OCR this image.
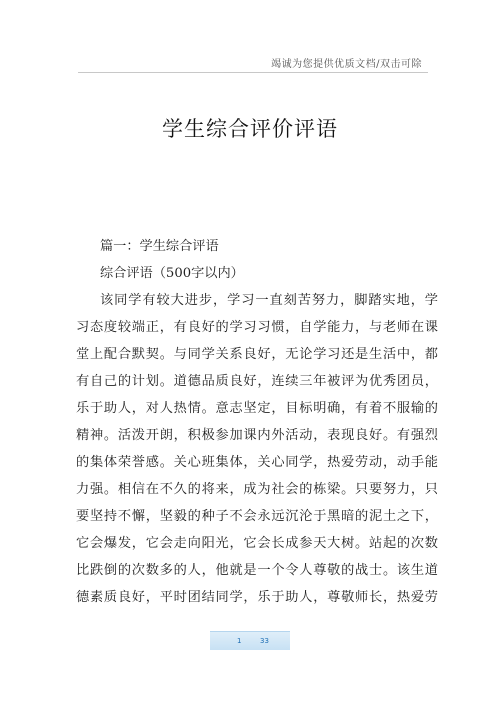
竭诚为您提供优质文档/双击可除
学生综合评价评语
篇一：学生综合评语
综合评语（500字以内）
该同学有较大进步，学习一直刻苦努力，脚踏实地，学
习态度较端正，有良好的学习习惯，自学能力，与老师在课
堂上配合默契。与同学关系良好，无论学习还是生活中，都
有自己的计划。道德品质良好，连续三年被评为优秀团员，
乐于助人，对人热情。意志坚定，目标明确，有着不服输的
精神。活泼开朗，积极参加课内外活动，表现良好。有强烈
的集体荣誉感。关心班集体，关心同学，热爱劳动，动手能
力强。相信在不久的将来，成为社会的栋梁。只要努力，只
要坚持不懈，坚毅的种子不会永远沉沦于黑暗的泥土之下，
它会爆发，它会走向阳光，它会长成参天大树。站起的次数
比跌倒的次数多的人，他就是一个令人尊敬的战士。该生道
德素质良好，平时团结同学，乐于助人，尊敬师长，热爱劳
1	33
